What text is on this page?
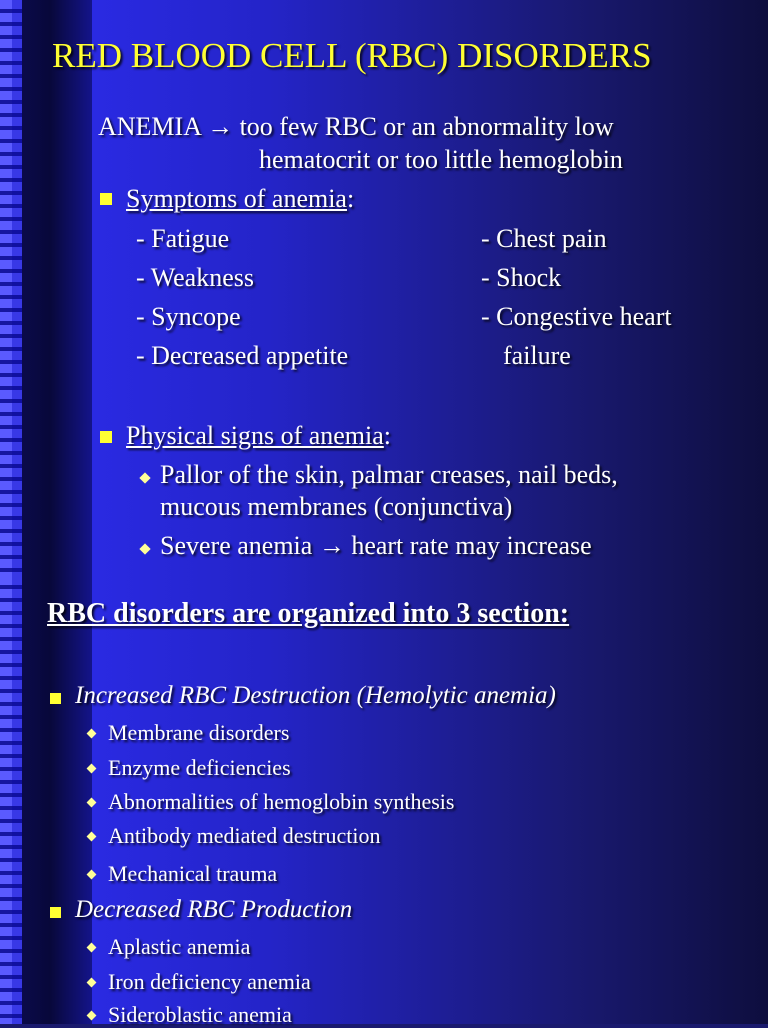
RED BLOOD CELL (RBC) DISORDERS
ANEMIA → too few RBC or an abnormality low
hematocrit or too little hemoglobin
Symptoms of anemia:
- Fatigue
- Weakness
- Syncope
- Decreased appetite
- Chest pain
- Shock
- Congestive heart
failure
Physical signs of anemia:
Pallor of the skin, palmar creases, nail beds,
mucous membranes (conjunctiva)
Severe anemia → heart rate may increase
RBC disorders are organized into 3 section:
Increased RBC Destruction (Hemolytic anemia)
Membrane disorders
Enzyme deficiencies
Abnormalities of hemoglobin synthesis
Antibody mediated destruction
Mechanical trauma
Decreased RBC Production
Aplastic anemia
Iron deficiency anemia
Sideroblastic anemia
